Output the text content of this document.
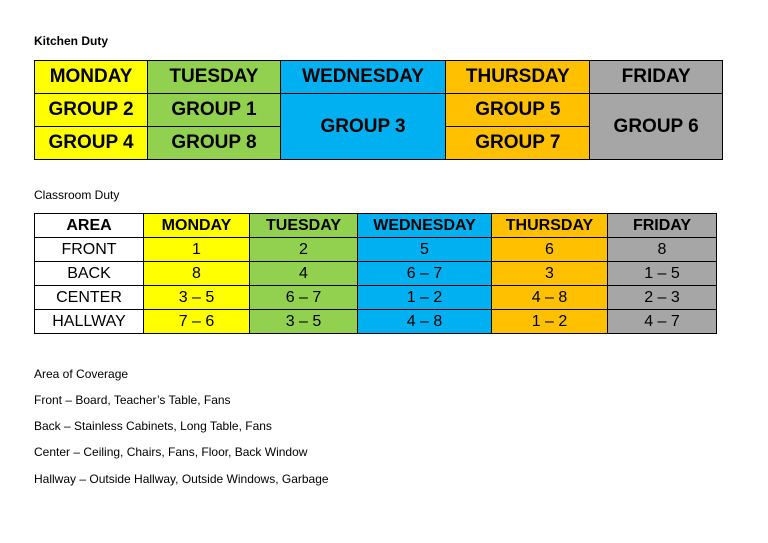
Kitchen Duty
MONDAY	TUESDAY	WEDNESDAY	THURSDAY	FRIDAY
GROUP 2	GROUP 1	GROUP 3	GROUP 5	GROUP 6
GROUP 4	GROUP 8		GROUP 7	
Classroom Duty
AREA	MONDAY	TUESDAY	WEDNESDAY	THURSDAY	FRIDAY
FRONT	1	2	5	6	8
BACK	8	4	6 – 7	3	1 – 5
CENTER	3 – 5	6 – 7	1 – 2	4 – 8	2 – 3
HALLWAY	7 – 6	3 – 5	4 – 8	1 – 2	4 – 7
Area of Coverage
Front – Board, Teacher’s Table, Fans
Back – Stainless Cabinets, Long Table, Fans
Center – Ceiling, Chairs, Fans, Floor, Back Window
Hallway – Outside Hallway, Outside Windows, Garbage
